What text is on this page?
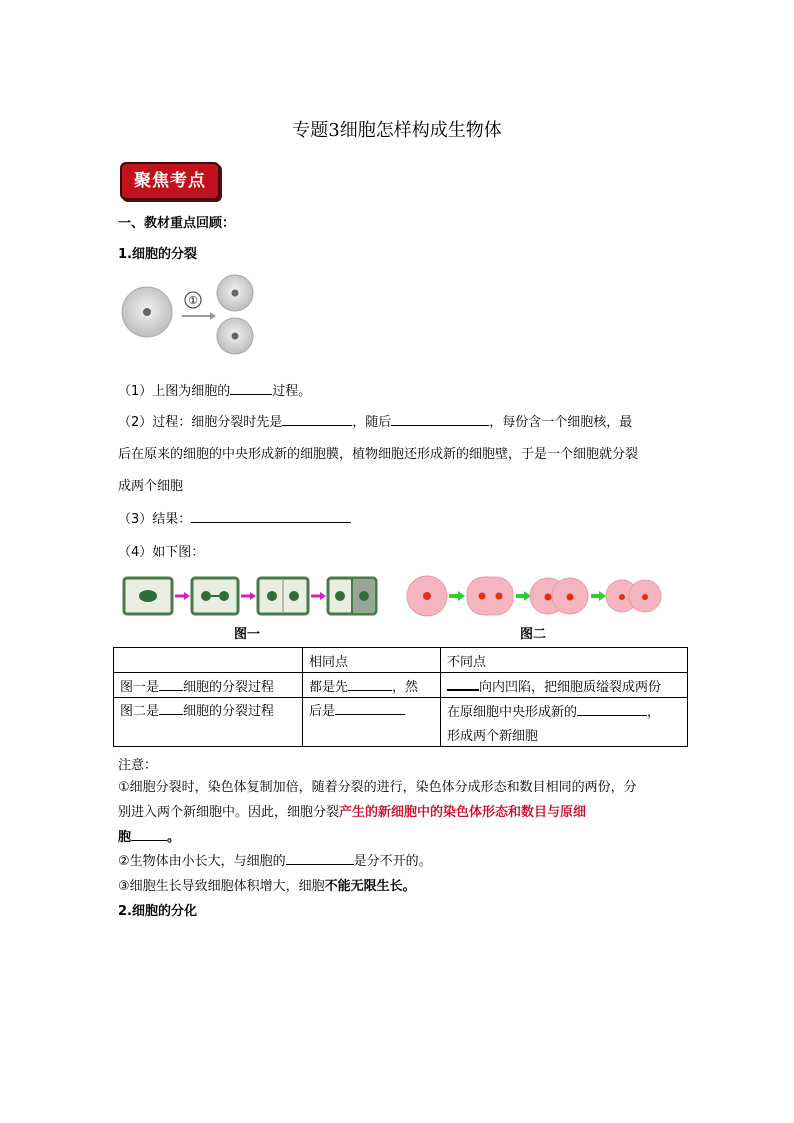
专题3细胞怎样构成生物体
聚焦考点
一、教材重点回顾：
1.细胞的分裂
①
（1）上图为细胞的	过程。
（2）过程：细胞分裂时先是	，随后	，每份含一个细胞核，最
后在原来的细胞的中央形成新的细胞膜，植物细胞还形成新的细胞壁，于是一个细胞就分裂
成两个细胞
（3）结果：
（4）如下图：
图一	图二
	相同点	不同点
图一是 细胞的分裂过程	都是先 ，然	向内凹陷，把细胞质缢裂成两份
图二是 细胞的分裂过程	后是	在原细胞中央形成新的 ，
		形成两个新细胞
注意：
①细胞分裂时，染色体复制加倍，随着分裂的进行，染色体分成形态和数目相同的两份，分
别进入两个新细胞中。因此，细胞分裂产生的新细胞中的染色体形态和数目与原细
胞	。
②生物体由小长大，与细胞的	是分不开的。
③细胞生长导致细胞体积增大，细胞不能无限生长。
2.细胞的分化
